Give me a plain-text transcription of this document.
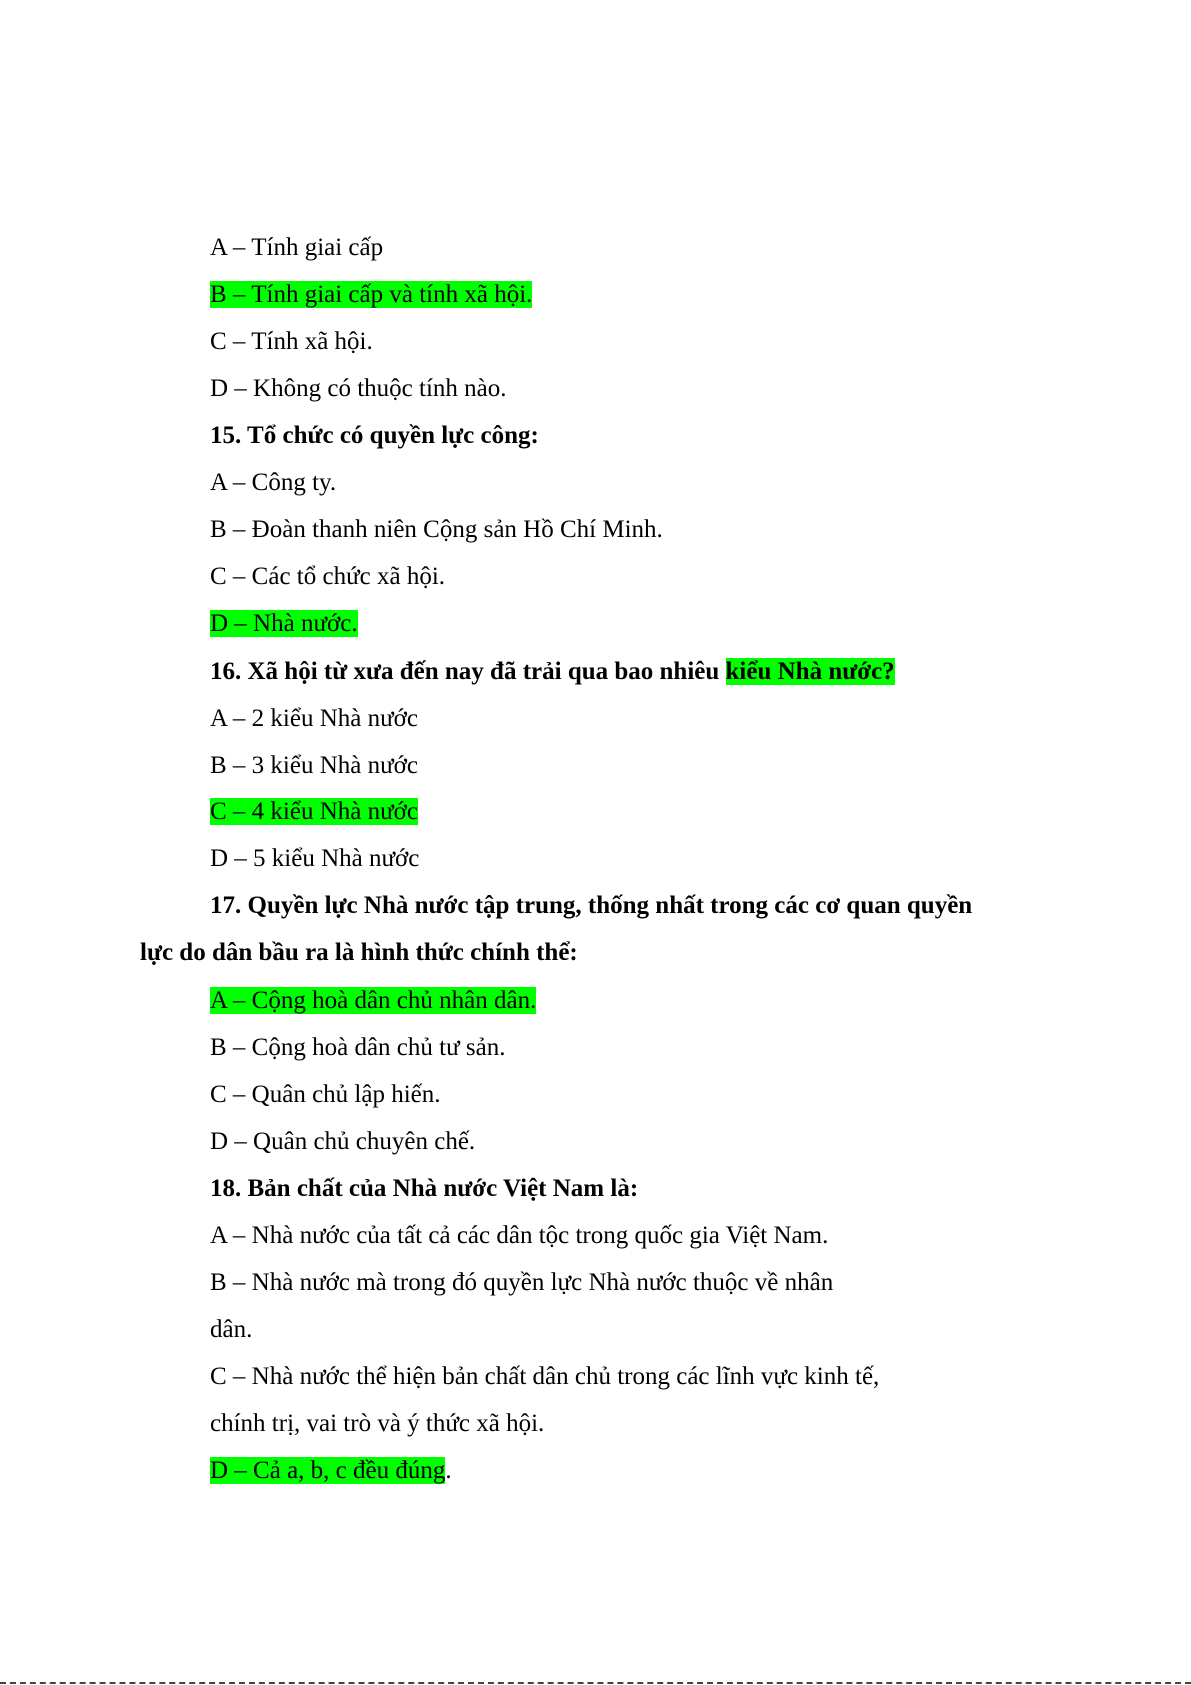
A – Tính giai cấp

B – Tính giai cấp và tính xã hội.

C – Tính xã hội.

D – Không có thuộc tính nào.

15. Tổ chức có quyền lực công:

A – Công ty.

B – Đoàn thanh niên Cộng sản Hồ Chí Minh.

C – Các tổ chức xã hội.

D – Nhà nước.

16. Xã hội từ xưa đến nay đã trải qua bao nhiêu kiểu Nhà nước?

A – 2 kiểu Nhà nước

B – 3 kiểu Nhà nước

C – 4 kiểu Nhà nước

D – 5 kiểu Nhà nước

17. Quyền lực Nhà nước tập trung, thống nhất trong các cơ quan quyền

lực do dân bầu ra là hình thức chính thể:

A – Cộng hoà dân chủ nhân dân.

B – Cộng hoà dân chủ tư sản.

C – Quân chủ lập hiến.

D – Quân chủ chuyên chế.

18. Bản chất của Nhà nước Việt Nam là:

A – Nhà nước của tất cả các dân tộc trong quốc gia Việt Nam.

B – Nhà nước mà trong đó quyền lực Nhà nước thuộc về nhân

dân.

C – Nhà nước thể hiện bản chất dân chủ trong các lĩnh vực kinh tế,

chính trị, vai trò và ý thức xã hội.

D – Cả a, b, c đều đúng.
